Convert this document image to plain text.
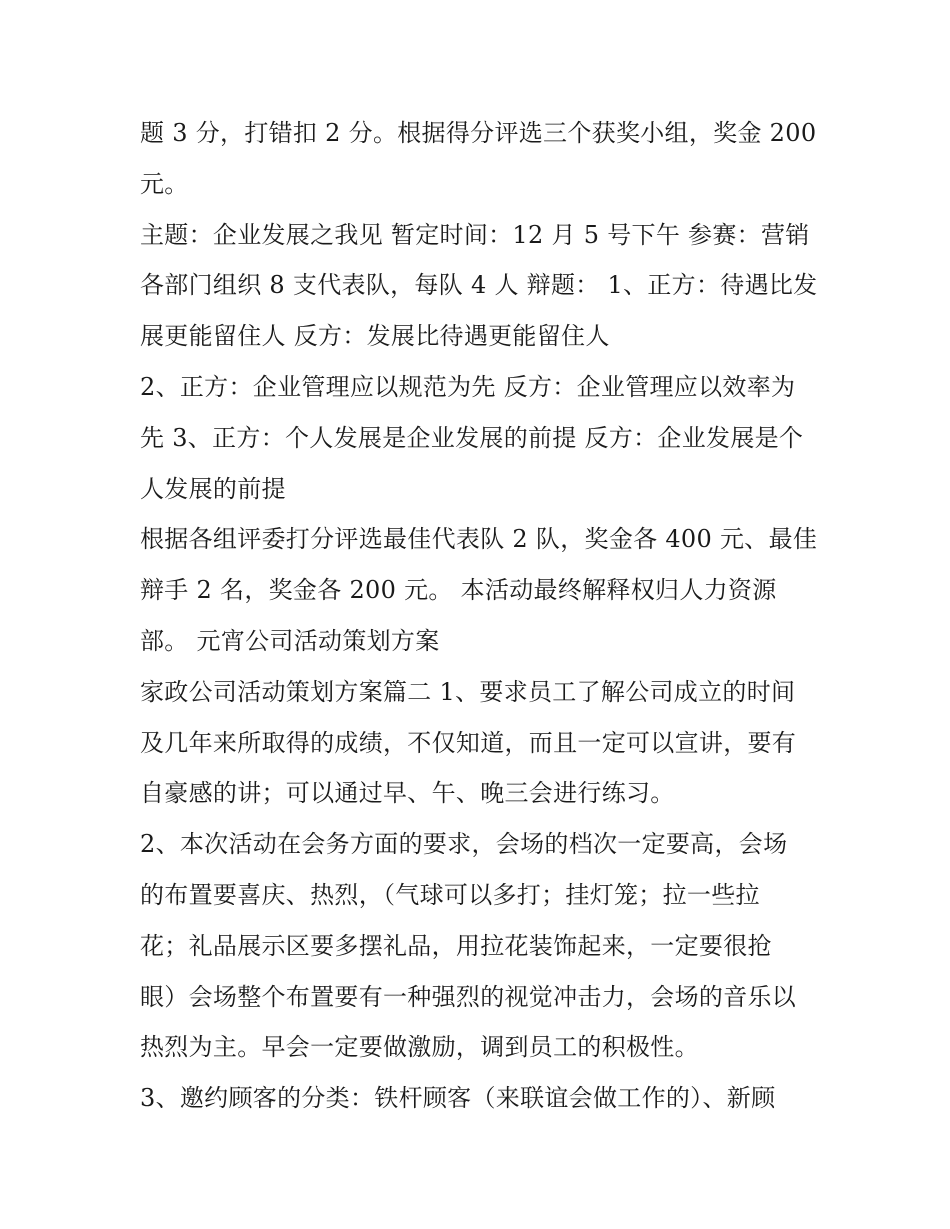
题 3 分，打错扣 2 分。根据得分评选三个获奖小组，奖金 200
元。
主题：企业发展之我见 暂定时间：12 月 5 号下午 参赛：营销
各部门组织 8 支代表队，每队 4 人 辩题： 1、正方：待遇比发
展更能留住人 反方：发展比待遇更能留住人
2、正方：企业管理应以规范为先 反方：企业管理应以效率为
先 3、正方：个人发展是企业发展的前提 反方：企业发展是个
人发展的前提
根据各组评委打分评选最佳代表队 2 队，奖金各 400 元、最佳
辩手 2 名，奖金各 200 元。 本活动最终解释权归人力资源
部。 元宵公司活动策划方案
家政公司活动策划方案篇二 1、要求员工了解公司成立的时间
及几年来所取得的成绩，不仅知道，而且一定可以宣讲，要有
自豪感的讲；可以通过早、午、晚三会进行练习。
2、本次活动在会务方面的要求，会场的档次一定要高，会场
的布置要喜庆、热烈，（气球可以多打；挂灯笼；拉一些拉
花；礼品展示区要多摆礼品，用拉花装饰起来，一定要很抢
眼）会场整个布置要有一种强烈的视觉冲击力，会场的音乐以
热烈为主。早会一定要做激励，调到员工的积极性。
3、邀约顾客的分类：铁杆顾客（来联谊会做工作的）、新顾
